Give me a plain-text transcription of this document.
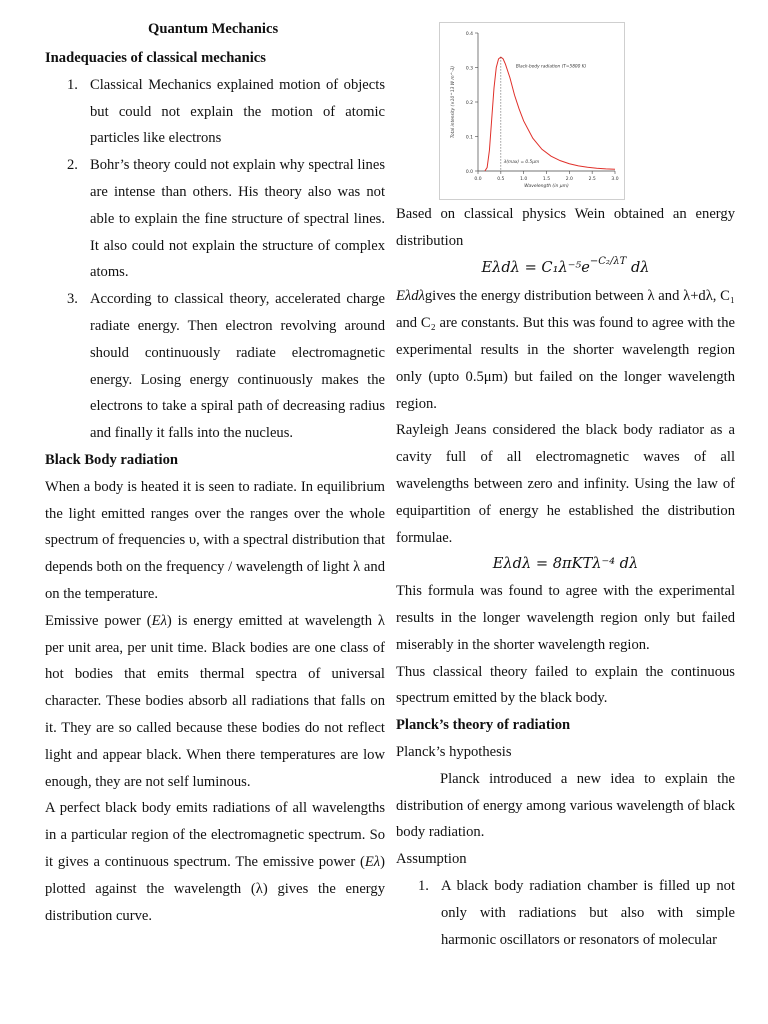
Quantum Mechanics
Inadequacies of classical mechanics
1. Classical Mechanics explained motion of objects but could not explain the motion of atomic particles like electrons
2. Bohr’s theory could not explain why spectral lines are intense than others. His theory also was not able to explain the fine structure of spectral lines. It also could not explain the structure of complex atoms.
3. According to classical theory, accelerated charge radiate energy. Then electron revolving around should continuously radiate electromagnetic energy. Losing energy continuously makes the electrons to take a spiral path of decreasing radius and finally it falls into the nucleus.
Black Body radiation

When a body is heated it is seen to radiate. In equilibrium the light emitted ranges over the ranges over the whole spectrum of frequencies υ, with a spectral distribution that depends both on the frequency / wavelength of light λ and on the temperature.

Emissive power (Eλ) is energy emitted at wavelength λ per unit area, per unit time. Black bodies are one class of hot bodies that emits thermal spectra of universal character. These bodies absorb all radiations that falls on it. They are so called because these bodies do not reflect light and appear black. When there temperatures are low enough, they are not self luminous.

A perfect black body emits radiations of all wavelengths in a particular region of the electromagnetic spectrum. So it gives a continuous spectrum. The emissive power (Eλ) plotted against the wavelength (λ) gives the energy distribution curve.

0.0
0.1
0.2
0.3
0.4
0.0	0.5	1.0	1.5	2.0	2.5	3.0
Wavelength (in μm)
Total intensity (×10^13 W m^-3)
λ(max) = 0.5μm
Black-body radiation (T=5800 K)

Based on classical physics Wein obtained an energy distribution

$E\lambda d\lambda = C_1\lambda^{-5}e^{-C_2/\lambda T}$ dλ

Eλdλgives the energy distribution between λ and λ+dλ, C₁ and C₂ are constants. But this was found to agree with the experimental results in the shorter wavelength region only (upto 0.5μm) but failed on the longer wavelength region.

Rayleigh Jeans considered the black body radiator as a cavity full of all electromagnetic waves of all wavelengths between zero and infinity. Using the law of equipartition of energy he established the distribution formulae.

Eλdλ = 8πKTλ⁻⁴ dλ

This formula was found to agree with the experimental results in the longer wavelength region only but failed miserably in the shorter wavelength region.

Thus classical theory failed to explain the continuous spectrum emitted by the black body.

Planck’s theory of radiation

Planck’s hypothesis

Planck introduced a new idea to explain the distribution of energy among various wavelength of black body radiation.

Assumption

1. A black body radiation chamber is filled up not only with radiations but also with simple harmonic oscillators or resonators of molecular
